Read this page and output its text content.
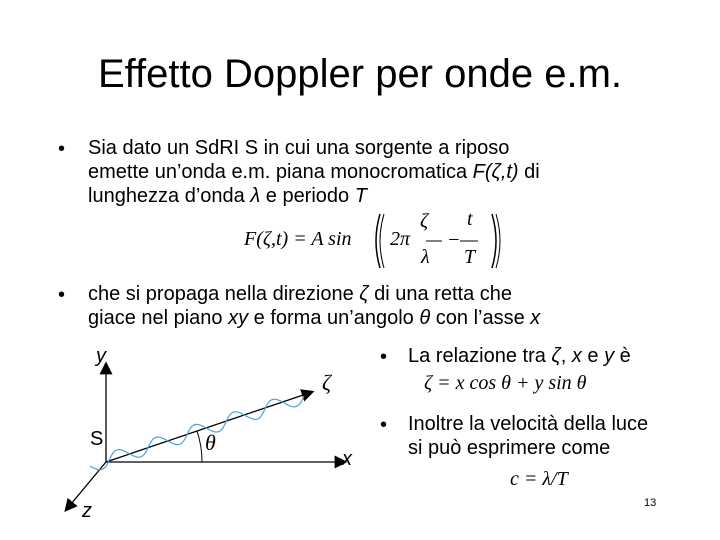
Effetto Doppler per onde e.m.
• Sia dato un SdRI S in cui una sorgente a riposo
emette un’onda e.m. piana monocromatica F(ζ,t) di
lunghezza d’onda λ e periodo T
F(ζ,t) = A sin 2π
ζ
λ
−
t
T
• che si propaga nella direzione ζ di una retta che
giace nel piano xy e forma un’angolo θ con l’asse x
• La relazione tra ζ, x e y è
ζ = x cos θ + y sin θ
• Inoltre la velocità della luce
si può esprimere come
c = λ/T
y
ζ
S	θ
x
z	13
